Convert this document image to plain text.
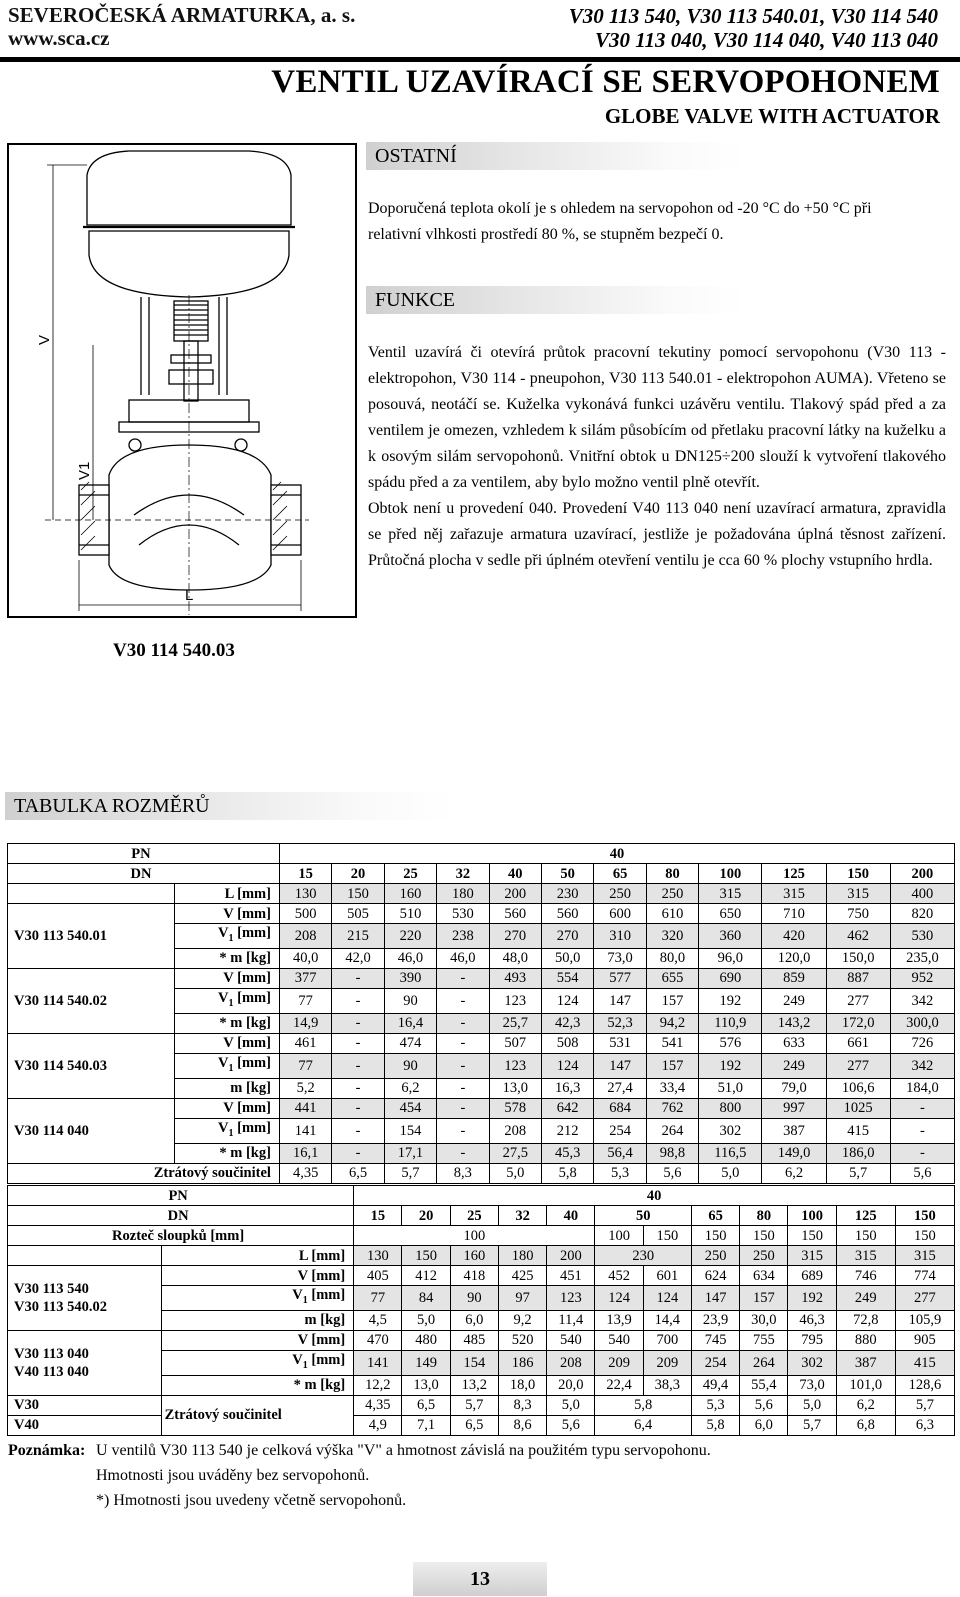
SEVEROČESKÁ ARMATURKA, a. s.
www.sca.cz
V30 113 540, V30 113 540.01, V30 114 540
V30 113 040, V30 114 040, V40 113 040
VENTIL UZAVÍRACÍ SE SERVOPOHONEM
GLOBE VALVE WITH ACTUATOR
V
V1
L
V30 114 540.03
OSTATNÍ
Doporučená teplota okolí je s ohledem na servopohon od -20 °C do +50 °C při
relativní vlhkosti prostředí 80 %, se stupněm bezpečí 0.
FUNKCE
Ventil uzavírá či otevírá průtok pracovní tekutiny pomocí servopohonu (V30 113 - elektropohon, V30 114 - pneupohon, V30 113 540.01 - elektropohon AUMA). Vřeteno se posouvá, neotáčí se. Kuželka vykonává funkci uzávěru ventilu. Tlakový spád před a za ventilem je omezen, vzhledem k silám působícím od přetlaku pracovní látky na kuželku a k osovým silám servopohonů. Vnitřní obtok u DN125÷200 slouží k vytvoření tlakového spádu před a za ventilem, aby bylo možno ventil plně otevřít.
Obtok není u provedení 040. Provedení V40 113 040 není uzavírací armatura, zpravidla se před něj zařazuje armatura uzavírací, jestliže je požadována úplná těsnost zařízení. Průtočná plocha v sedle při úplném otevření ventilu je cca 60 % plochy vstupního hrdla.
TABULKA ROZMĚRŮ
PN		40											
DN		15	20	25	32	40	50	65	80	100	125	150	200
	L [mm]	130	150	160	180	200	230	250	250	315	315	315	400
V30 113 540.01	V [mm]	500	505	510	530	560	560	600	610	650	710	750	820
	$V_1$ [mm]	208	215	220	238	270	270	310	320	360	420	462	530
	* m [kg]	40,0	42,0	46,0	46,0	48,0	50,0	73,0	80,0	96,0	120,0	150,0	235,0
V30 114 540.02	V [mm]	377	-	390	-	493	554	577	655	690	859	887	952
	$V_1$ [mm]	77	-	90	-	123	124	147	157	192	249	277	342
	* m [kg]	14,9	-	16,4	-	25,7	42,3	52,3	94,2	110,9	143,2	172,0	300,0
V30 114 540.03	V [mm]	461	-	474	-	507	508	531	541	576	633	661	726
	$V_1$ [mm]	77	-	90	-	123	124	147	157	192	249	277	342
	m [kg]	5,2	-	6,2	-	13,0	16,3	27,4	33,4	51,0	79,0	106,6	184,0
V30 114 040	V [mm]	441	-	454	-	578	642	684	762	800	997	1025	-
	$V_1$ [mm]	141	-	154	-	208	212	254	264	302	387	415	-
	* m [kg]	16,1	-	17,1	-	27,5	45,3	56,4	98,8	116,5	149,0	186,0	-
Ztrátový součinitel		4,35	6,5	5,7	8,3	5,0	5,8	5,3	5,6	5,0	6,2	5,7	5,6
PN		40											
DN		15	20	25	32	40	50		65	80	100	125	150
Rozteč sloupků [mm]		100					100	150	150	150	150	150	150
	L [mm]	130	150	160	180	200	230		250	250	315	315	315

V30 113 540
V30 113 540.02	V [mm]	405	412	418	425	451	452	601	624	634	689	746	774
	$V_1$ [mm]	77	84	90	97	123	124	124	147	157	192	249	277
	m [kg]	4,5	5,0	6,0	9,2	11,4	13,9	14,4	23,9	30,0	46,3	72,8	105,9

V30 113 040
V40 113 040	V [mm]	470	480	485	520	540	540	700	745	755	795	880	905
	$V_1$ [mm]	141	149	154	186	208	209	209	254	264	302	387	415
	* m [kg]	12,2	13,0	13,2	18,0	20,0	22,4	38,3	49,4	55,4	73,0	101,0	128,6
V30	Ztrátový součinitel	4,35	6,5	5,7	8,3	5,0	5,8		5,3	5,6	5,0	6,2	5,7
V40		4,9	7,1	6,5	8,6	5,6	6,4		5,8	6,0	5,7	6,8	6,3
Poznámka: U ventilů V30 113 540 je celková výška "V" a hmotnost závislá na použitém typu servopohonu.
Hmotnosti jsou uváděny bez servopohonů.
*) Hmotnosti jsou uvedeny včetně servopohonů.
13
